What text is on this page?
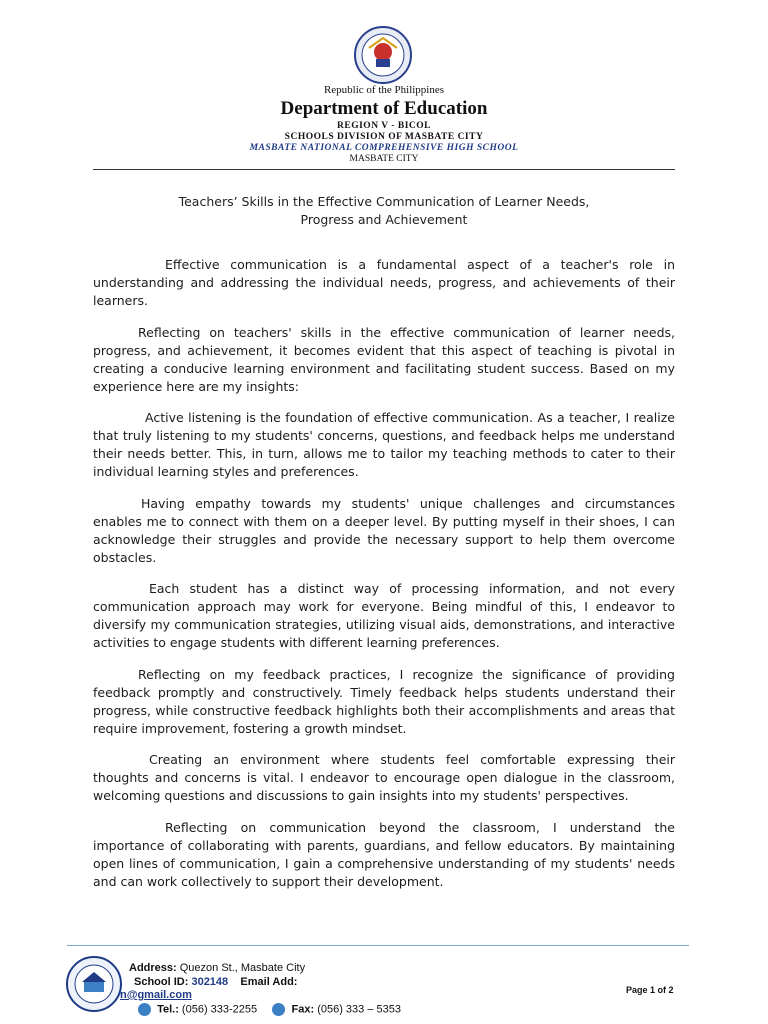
Republic of the Philippines
Department of Education
REGION V - BICOL
SCHOOLS DIVISION OF MASBATE CITY
MASBATE NATIONAL COMPREHENSIVE HIGH SCHOOL
MASBATE CITY
Teachers’ Skills in the Effective Communication of Learner Needs,
Progress and Achievement

Effective communication is a fundamental aspect of a teacher's role in understanding and addressing the individual needs, progress, and achievements of their learners.

Reflecting on teachers' skills in the effective communication of learner needs, progress, and achievement, it becomes evident that this aspect of teaching is pivotal in creating a conducive learning environment and facilitating student success. Based on my experience here are my insights:

Active listening is the foundation of effective communication. As a teacher, I realize that truly listening to my students' concerns, questions, and feedback helps me understand their needs better. This, in turn, allows me to tailor my teaching methods to cater to their individual learning styles and preferences.

Having empathy towards my students' unique challenges and circumstances enables me to connect with them on a deeper level. By putting myself in their shoes, I can acknowledge their struggles and provide the necessary support to help them overcome obstacles.

Each student has a distinct way of processing information, and not every communication approach may work for everyone. Being mindful of this, I endeavor to diversify my communication strategies, utilizing visual aids, demonstrations, and interactive activities to engage students with different learning preferences.

Reflecting on my feedback practices, I recognize the significance of providing feedback promptly and constructively. Timely feedback helps students understand their progress, while constructive feedback highlights both their accomplishments and areas that require improvement, fostering a growth mindset.

Creating an environment where students feel comfortable expressing their thoughts and concerns is vital. I endeavor to encourage open dialogue in the classroom, welcoming questions and discussions to gain insights into my students' perspectives.

Reflecting on communication beyond the classroom, I understand the importance of collaborating with parents, guardians, and fellow educators. By maintaining open lines of communication, I gain a comprehensive understanding of my students' needs and can work collectively to support their development.

Address: Quezon St., Masbate City
School ID: 302148 Email Add:
n@gmail.com
Tel.: (056) 333-2255	Fax: (056) 333 – 5353
Page 1 of 2
